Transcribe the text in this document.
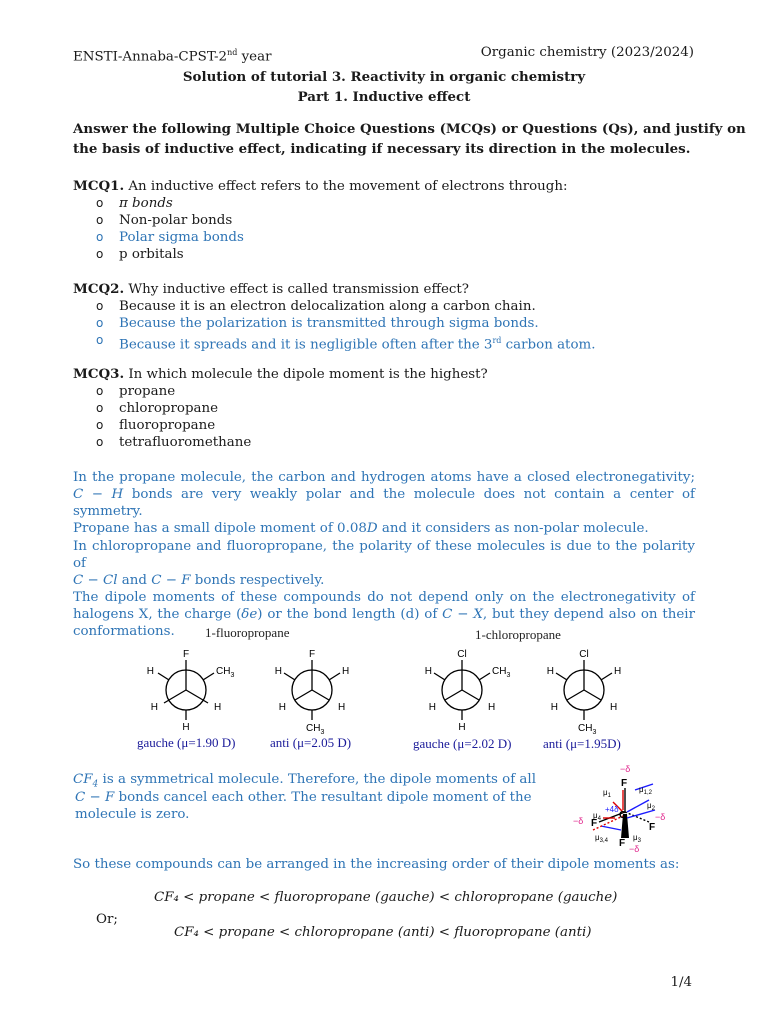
ENSTI-Annaba-CPST-2nd year	Organic chemistry (2023/2024)
Solution of tutorial 3. Reactivity in organic chemistry
Part 1. Inductive effect
Answer the following Multiple Choice Questions (MCQs) or Questions (Qs), and justify on
the basis of inductive effect, indicating if necessary its direction in the molecules.
MCQ1. An inductive effect refers to the movement of electrons through:
o π bonds
o Non-polar bonds
o Polar sigma bonds
o p orbitals
MCQ2. Why inductive effect is called transmission effect?
o Because it is an electron delocalization along a carbon chain.
o Because the polarization is transmitted through sigma bonds.
o Because it spreads and it is negligible often after the 3rd carbon atom.
MCQ3. In which molecule the dipole moment is the highest?
o propane
o chloropropane
o fluoropropane
o tetrafluoromethane
In the propane molecule, the carbon and hydrogen atoms have a closed electronegativity;
C − H bonds are very weakly polar and the molecule does not contain a center of symmetry.
Propane has a small dipole moment of 0.08D and it considers as non-polar molecule.
In chloropropane and fluoropropane, the polarity of these molecules is due to the polarity of
C − Cl and C − F bonds respectively.
The dipole moments of these compounds do not depend only on the electronegativity of
halogens X, the charge (δe) or the bond length (d) of C − X, but they depend also on their
conformations.	1-fluoropropane	1-chloropropane
F
H	$CH_3$
H	H
H
F
H	H
H	H
$CH_3$
Cl
H	$CH_3$
H	H
H
Cl
H	H
H	H
$CH_3$
gauche (μ=1.90 D)	anti (μ=2.05 D)	gauche (μ=2.02 D) anti (μ=1.95D)
$CF_4$ is a symmetrical molecule. Therefore, the dipole moments of all
C − F bonds cancel each other. The resultant dipole moment of the
molecule is zero.
F
−δ
+4δ
C
F	F
F
−δ	−δ
−δ
$\mu_1$
$\mu_{1,2}$
$\mu_2$
$\mu_3$
$\mu_4$
$\mu_{3,4}$
So these compounds can be arranged in the increasing order of their dipole moments as:
CF₄ < propane < fluoropropane (gauche) < chloropropane (gauche)
Or;
CF₄ < propane < chloropropane (anti) < fluoropropane (anti)
1/4
